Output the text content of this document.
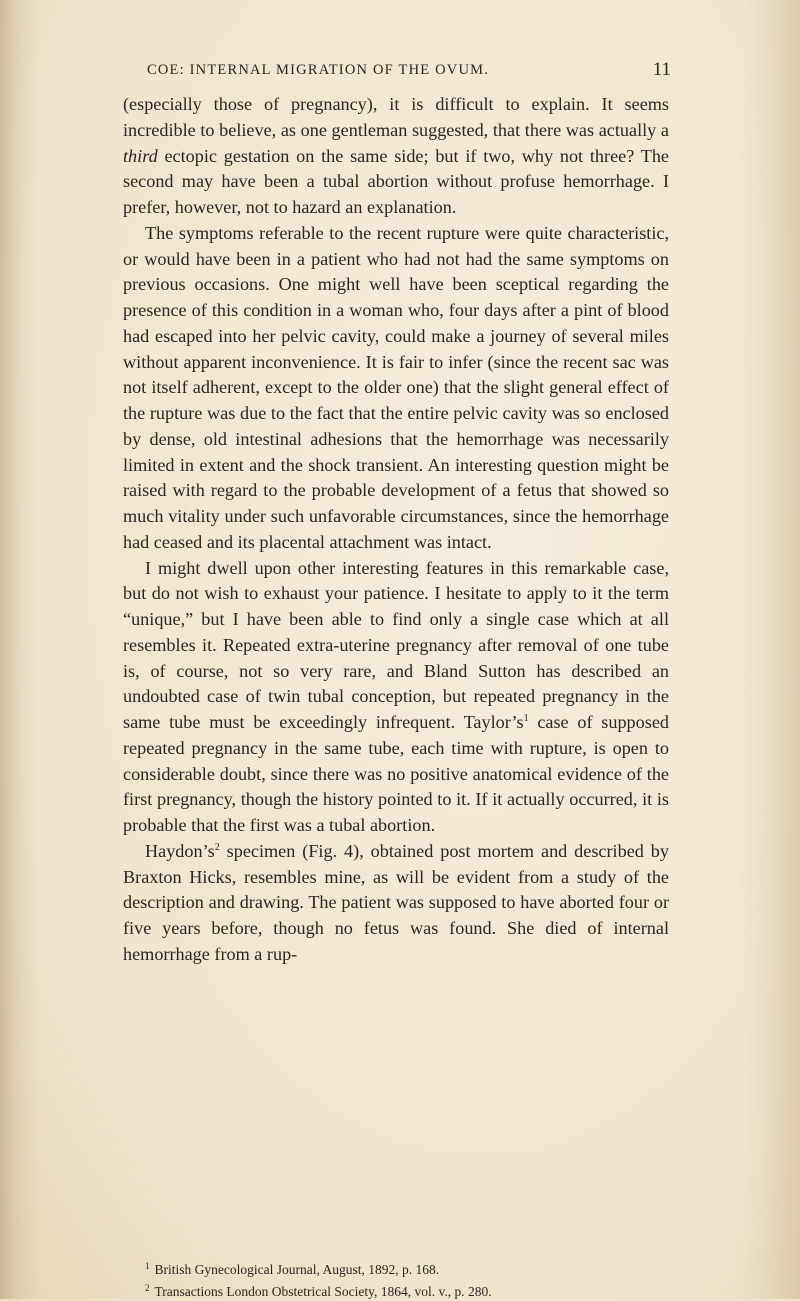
COE: INTERNAL MIGRATION OF THE OVUM.	11

(especially those of pregnancy), it is difficult to explain. It seems incredible to believe, as one gentleman suggested, that there was actually a third ectopic gestation on the same side; but if two, why not three? The second may have been a tubal abortion without profuse hemorrhage. I prefer, however, not to hazard an explanation.

The symptoms referable to the recent rupture were quite characteristic, or would have been in a patient who had not had the same symptoms on previous occasions. One might well have been sceptical regarding the presence of this condition in a woman who, four days after a pint of blood had escaped into her pelvic cavity, could make a journey of several miles without apparent inconvenience. It is fair to infer (since the recent sac was not itself adherent, except to the older one) that the slight general effect of the rupture was due to the fact that the entire pelvic cavity was so enclosed by dense, old intestinal adhesions that the hemorrhage was necessarily limited in extent and the shock transient. An interesting question might be raised with regard to the probable development of a fetus that showed so much vitality under such unfavorable circumstances, since the hemorrhage had ceased and its placental attachment was intact.

I might dwell upon other interesting features in this remarkable case, but do not wish to exhaust your patience. I hesitate to apply to it the term “unique,” but I have been able to find only a single case which at all resembles it. Repeated extra-uterine pregnancy after removal of one tube is, of course, not so very rare, and Bland Sutton has described an undoubted case of twin tubal conception, but repeated pregnancy in the same tube must be exceedingly infrequent. $Taylor’s^1$ case of supposed repeated pregnancy in the same tube, each time with rupture, is open to considerable doubt, since there was no positive anatomical evidence of the first pregnancy, though the history pointed to it. If it actually occurred, it is probable that the first was a tubal abortion.

$Haydon’s^2$ specimen (Fig. 4), obtained post mortem and described by Braxton Hicks, resembles mine, as will be evident from a study of the description and drawing. The patient was supposed to have aborted four or five years before, though no fetus was found. She died of internal hemorrhage from a rup-

$^1$ British Gynecological Journal, August, 1892, p. 168.

$^2$ Transactions London Obstetrical Society, 1864, vol. v., p. 280.
